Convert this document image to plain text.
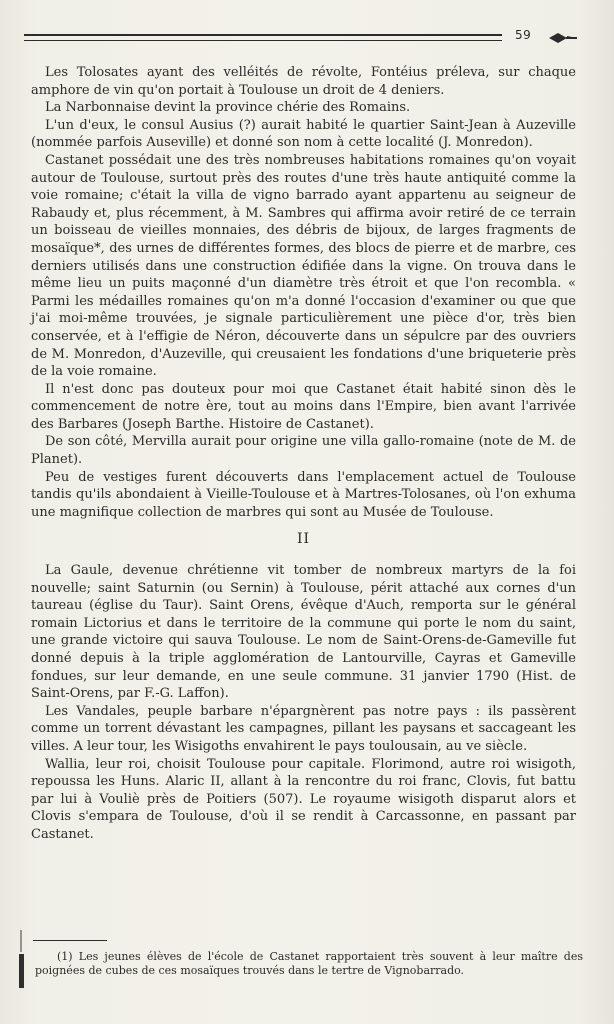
59

Les Tolosates ayant des velléités de révolte, Fontéius préleva, sur chaque amphore de vin qu'on portait à Toulouse un droit de 4 deniers.

La Narbonnaise devint la province chérie des Romains.

L'un d'eux, le consul Ausius (?) aurait habité le quartier Saint-Jean à Auzeville (nommée parfois Auseville) et donné son nom à cette localité (J. Monredon).

Castanet possédait une des très nombreuses habitations romaines qu'on voyait autour de Toulouse, surtout près des routes d'une très haute antiquité comme la voie romaine; c'était la villa de vigno barrado ayant appartenu au seigneur de Rabaudy et, plus récemment, à M. Sambres qui affirma avoir retiré de ce terrain un boisseau de vieilles monnaies, des débris de bijoux, de larges fragments de mosaïque*, des urnes de différentes formes, des blocs de pierre et de marbre, ces derniers utilisés dans une construction édifiée dans la vigne. On trouva dans le même lieu un puits maçonné d'un diamètre très étroit et que l'on recombla. « Parmi les médailles romaines qu'on m'a donné l'occasion d'examiner ou que que j'ai moi-même trouvées, je signale particulièrement une pièce d'or, très bien conservée, et à l'effigie de Néron, découverte dans un sépulcre par des ouvriers de M. Monredon, d'Auzeville, qui creusaient les fondations d'une briqueterie près de la voie romaine.

Il n'est donc pas douteux pour moi que Castanet était habité sinon dès le commencement de notre ère, tout au moins dans l'Empire, bien avant l'arrivée des Barbares (Joseph Barthe. Histoire de Castanet).

De son côté, Mervilla aurait pour origine une villa gallo-romaine (note de M. de Planet).

Peu de vestiges furent découverts dans l'emplacement actuel de Toulouse tandis qu'ils abondaient à Vieille-Toulouse et à Martres-Tolosanes, où l'on exhuma une magnifique collection de marbres qui sont au Musée de Toulouse.

II

La Gaule, devenue chrétienne vit tomber de nombreux martyrs de la foi nouvelle; saint Saturnin (ou Sernin) à Toulouse, périt attaché aux cornes d'un taureau (église du Taur). Saint Orens, évêque d'Auch, remporta sur le général romain Lictorius et dans le territoire de la commune qui porte le nom du saint, une grande victoire qui sauva Toulouse. Le nom de Saint-Orens-de-Gameville fut donné depuis à la triple agglomération de Lantourville, Cayras et Gameville fondues, sur leur demande, en une seule commune. 31 janvier 1790 (Hist. de Saint-Orens, par F.-G. Laffon).

Les Vandales, peuple barbare n'épargnèrent pas notre pays : ils passèrent comme un torrent dévastant les campagnes, pillant les paysans et saccageant les villes. A leur tour, les Wisigoths envahirent le pays toulousain, au ve siècle.

Wallia, leur roi, choisit Toulouse pour capitale. Florimond, autre roi wisigoth, repoussa les Huns. Alaric II, allant à la rencontre du roi franc, Clovis, fut battu par lui à Vouliè près de Poitiers (507). Le royaume wisigoth disparut alors et Clovis s'empara de Toulouse, d'où il se rendit à Carcassonne, en passant par Castanet.

(1) Les jeunes élèves de l'école de Castanet rapportaient très souvent à leur maître des poignées de cubes de ces mosaïques trouvés dans le tertre de Vignobarrado.
